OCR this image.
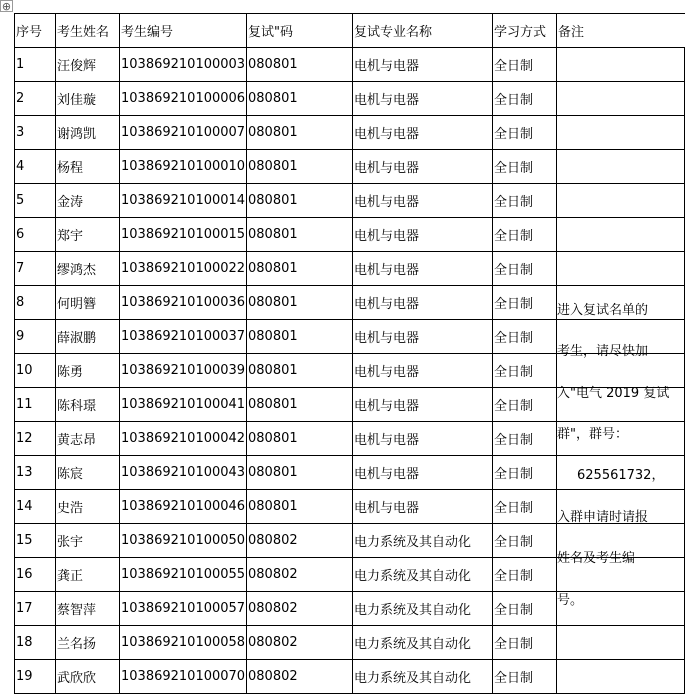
⊕
序号	考生姓名	考生编号	复试"码	复试专业名称	学习方式	备注
1	汪俊辉	103869210100003	080801	电机与电器	全日制	
2	刘佳璇	103869210100006	080801	电机与电器	全日制	
3	谢鸿凯	103869210100007	080801	电机与电器	全日制	
4	杨程	103869210100010	080801	电机与电器	全日制	
5	金涛	103869210100014	080801	电机与电器	全日制	
6	郑宇	103869210100015	080801	电机与电器	全日制	
7	缪鸿杰	103869210100022	080801	电机与电器	全日制	
8	何明簪	103869210100036	080801	电机与电器	全日制	
9	薛淑鹏	103869210100037	080801	电机与电器	全日制	
10	陈勇	103869210100039	080801	电机与电器	全日制	
11	陈科璟	103869210100041	080801	电机与电器	全日制	
12	黄志昂	103869210100042	080801	电机与电器	全日制	
13	陈宸	103869210100043	080801	电机与电器	全日制	
14	史浩	103869210100046	080801	电机与电器	全日制	
15	张宇	103869210100050	080802	电力系统及其自动化	全日制	
16	龚正	103869210100055	080802	电力系统及其自动化	全日制	
17	蔡智萍	103869210100057	080802	电力系统及其自动化	全日制	
18	兰名扬	103869210100058	080802	电力系统及其自动化	全日制	
19	武欣欣	103869210100070	080802	电力系统及其自动化	全日制	
进入复试名单的
考生，请尽快加
入"电气 2019 复试
群"，群号：
625561732，
入群申请时请报
姓名及考生编
号。
